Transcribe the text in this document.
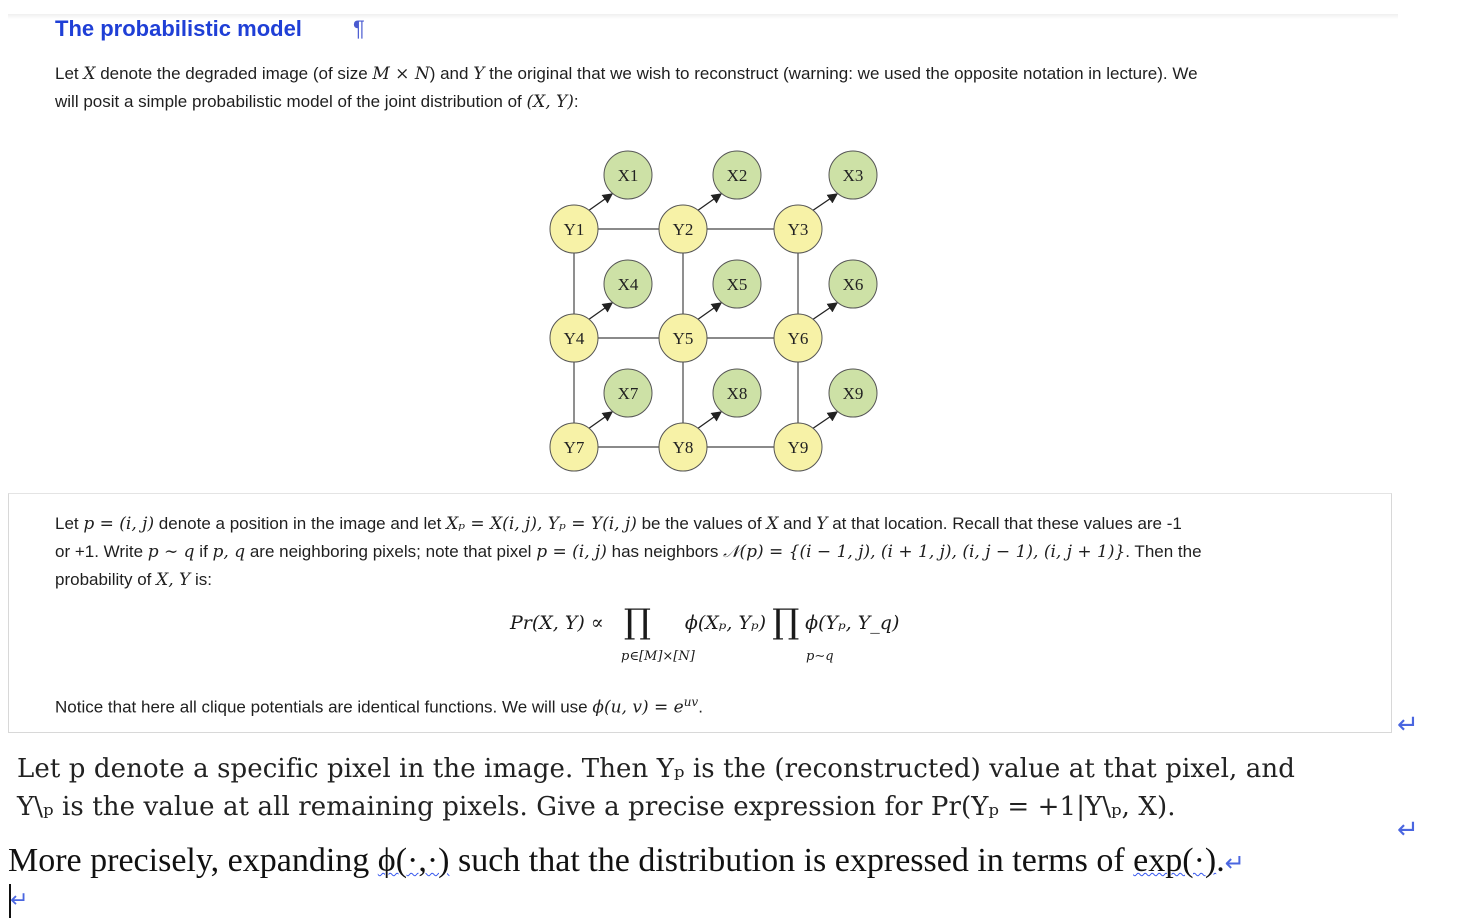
The probabilistic model ¶
Let X denote the degraded image (of size M × N) and Y the original that we wish to reconstruct (warning: we used the opposite notation in lecture). We
will posit a simple probabilistic model of the joint distribution of (X, Y):
Y1
X1
Y2
X2
Y3
X3
Y4
X4
Y5
X5
Y6
X6
Y7
X7
Y8
X8
Y9
X9
Let p = (i, j) denote a position in the image and let Xₚ = X(i, j), Yₚ = Y(i, j) be the values of X and Y at that location. Recall that these values are -1
or +1. Write p ∼ q if p, q are neighboring pixels; note that pixel p = (i, j) has neighbors 𝒩(p) = {(i − 1, j), (i + 1, j), (i, j − 1), (i, j + 1)}. Then the
probability of X, Y is:
Pr(X, Y) ∝ ∏ ϕ(Xₚ, Yₚ) ∏ ϕ(Yₚ, Y_q)
p∈[M]×[N]	p∼q
Notice that here all clique potentials are identical functions. We will use ϕ(u, $v) = e^{uv}$.
↵
Let p denote a specific pixel in the image. Then Yₚ is the (reconstructed) value at that pixel, and
Y\ₚ is the value at all remaining pixels. Give a precise expression for Pr(Yₚ = +1|Y\ₚ, X).
↵
More precisely, expanding ϕ(·,·) such that the distribution is expressed in terms of exp(·).↵
↵
